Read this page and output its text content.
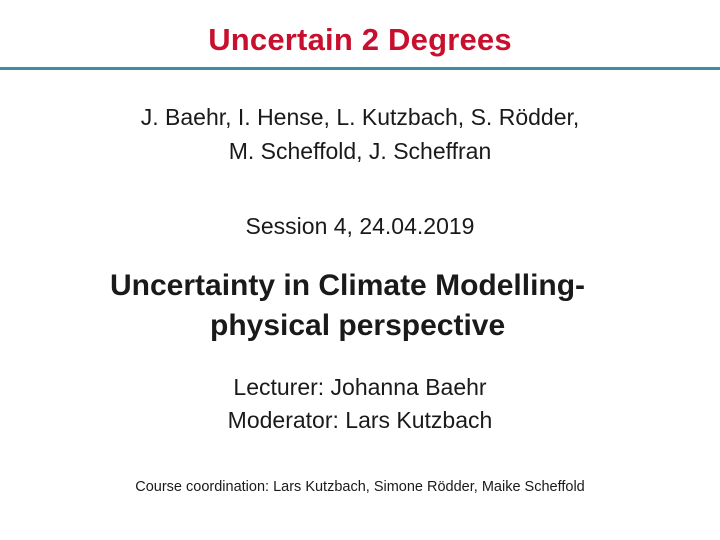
Uncertain 2 Degrees
J. Baehr, I. Hense, L. Kutzbach, S. Rödder,
M. Scheffold, J. Scheffran
Session 4, 24.04.2019
Uncertainty in Climate Modelling-
physical perspective
Lecturer: Johanna Baehr
Moderator: Lars Kutzbach
Course coordination: Lars Kutzbach, Simone Rödder, Maike Scheffold
